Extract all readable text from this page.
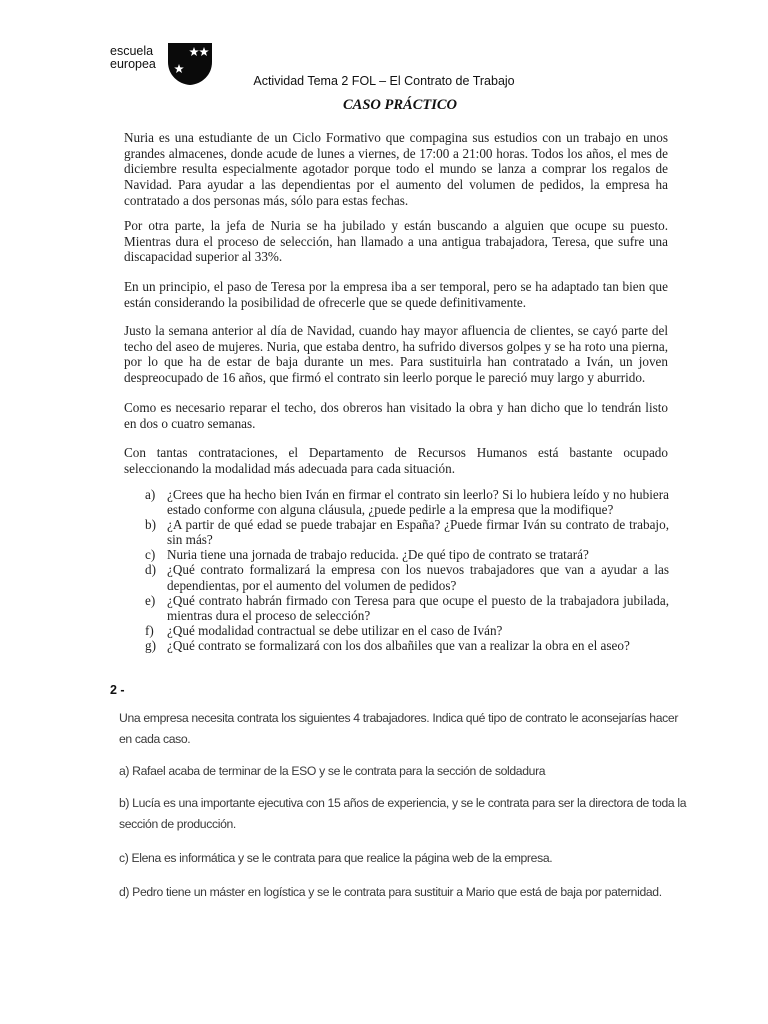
escuela
europea
Actividad Tema 2 FOL – El Contrato de Trabajo
CASO PRÁCTICO

Nuria es una estudiante de un Ciclo Formativo que compagina sus estudios con un trabajo en unos grandes almacenes, donde acude de lunes a viernes, de 17:00 a 21:00 horas. Todos los años, el mes de diciembre resulta especialmente agotador porque todo el mundo se lanza a comprar los regalos de Navidad. Para ayudar a las dependientas por el aumento del volumen de pedidos, la empresa ha contratado a dos personas más, sólo para estas fechas.

Por otra parte, la jefa de Nuria se ha jubilado y están buscando a alguien que ocupe su puesto. Mientras dura el proceso de selección, han llamado a una antigua trabajadora, Teresa, que sufre una discapacidad superior al 33%.

En un principio, el paso de Teresa por la empresa iba a ser temporal, pero se ha adaptado tan bien que están considerando la posibilidad de ofrecerle que se quede definitivamente.

Justo la semana anterior al día de Navidad, cuando hay mayor afluencia de clientes, se cayó parte del techo del aseo de mujeres. Nuria, que estaba dentro, ha sufrido diversos golpes y se ha roto una pierna, por lo que ha de estar de baja durante un mes. Para sustituirla han contratado a Iván, un joven despreocupado de 16 años, que firmó el contrato sin leerlo porque le pareció muy largo y aburrido.

Como es necesario reparar el techo, dos obreros han visitado la obra y han dicho que lo tendrán listo en dos o cuatro semanas.

Con tantas contrataciones, el Departamento de Recursos Humanos está bastante ocupado seleccionando la modalidad más adecuada para cada situación.

a) ¿Crees que ha hecho bien Iván en firmar el contrato sin leerlo? Si lo hubiera leído y no hubiera estado conforme con alguna cláusula, ¿puede pedirle a la empresa que la modifique?
b) ¿A partir de qué edad se puede trabajar en España? ¿Puede firmar Iván su contrato de trabajo, sin más?
c) Nuria tiene una jornada de trabajo reducida. ¿De qué tipo de contrato se tratará?
d) ¿Qué contrato formalizará la empresa con los nuevos trabajadores que van a ayudar a las dependientas, por el aumento del volumen de pedidos?
e) ¿Qué contrato habrán firmado con Teresa para que ocupe el puesto de la trabajadora jubilada, mientras dura el proceso de selección?
f)	¿Qué modalidad contractual se debe utilizar en el caso de Iván?
g) ¿Qué contrato se formalizará con los dos albañiles que van a realizar la obra en el aseo?
2 -

Una empresa necesita contrata los siguientes 4 trabajadores. Indica qué tipo de contrato le aconsejarías hacer en cada caso.

a) Rafael acaba de terminar de la ESO y se le contrata para la sección de soldadura

b) Lucía es una importante ejecutiva con 15 años de experiencia, y se le contrata para ser la directora de toda la sección de producción.

c) Elena es informática y se le contrata para que realice la página web de la empresa.

d) Pedro tiene un máster en logística y se le contrata para sustituir a Mario que está de baja por paternidad.
